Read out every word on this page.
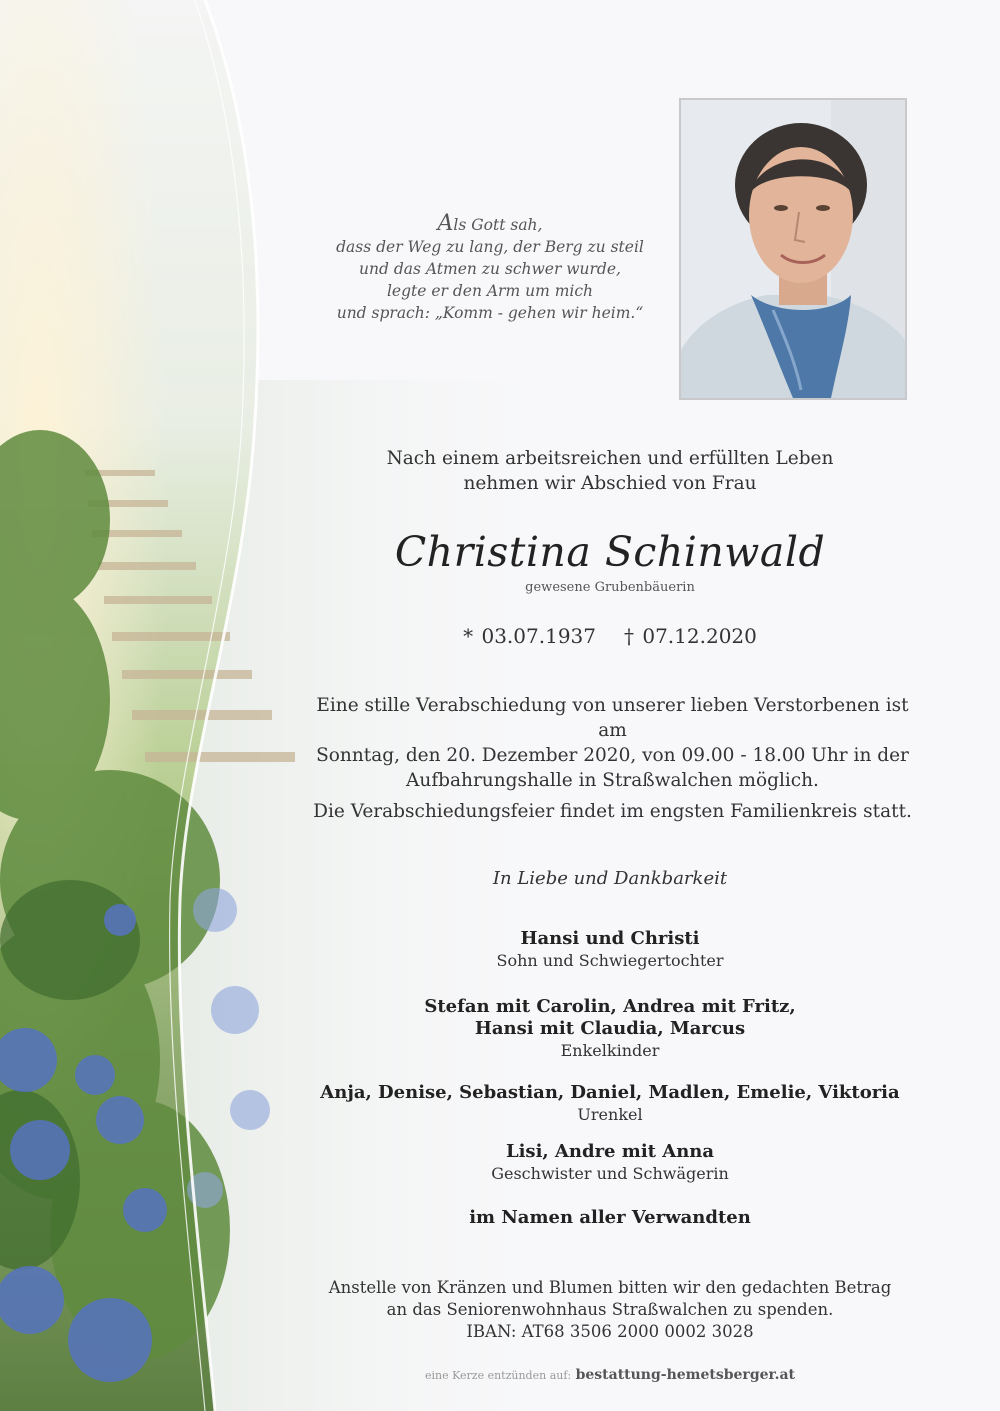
Als Gott sah,
dass der Weg zu lang, der Berg zu steil
und das Atmen zu schwer wurde,
legte er den Arm um mich
und sprach: „Komm - gehen wir heim.“
Nach einem arbeitsreichen und erfüllten Leben
nehmen wir Abschied von Frau
Christina Schinwald
gewesene Grubenbäuerin
* 03.07.1937 † 07.12.2020
Eine stille Verabschiedung von unserer lieben Verstorbenen ist am
Sonntag, den 20. Dezember 2020, von 09.00 - 18.00 Uhr in der
Aufbahrungshalle in Straßwalchen möglich.
Die Verabschiedungsfeier findet im engsten Familienkreis statt.
In Liebe und Dankbarkeit
Hansi und Christi
Sohn und Schwiegertochter
Stefan mit Carolin, Andrea mit Fritz,
Hansi mit Claudia, Marcus
Enkelkinder
Anja, Denise, Sebastian, Daniel, Madlen, Emelie, Viktoria
Urenkel
Lisi, Andre mit Anna
Geschwister und Schwägerin
im Namen aller Verwandten
Anstelle von Kränzen und Blumen bitten wir den gedachten Betrag
an das Seniorenwohnhaus Straßwalchen zu spenden.
IBAN: AT68 3506 2000 0002 3028
eine Kerze entzünden auf: bestattung-hemetsberger.at
